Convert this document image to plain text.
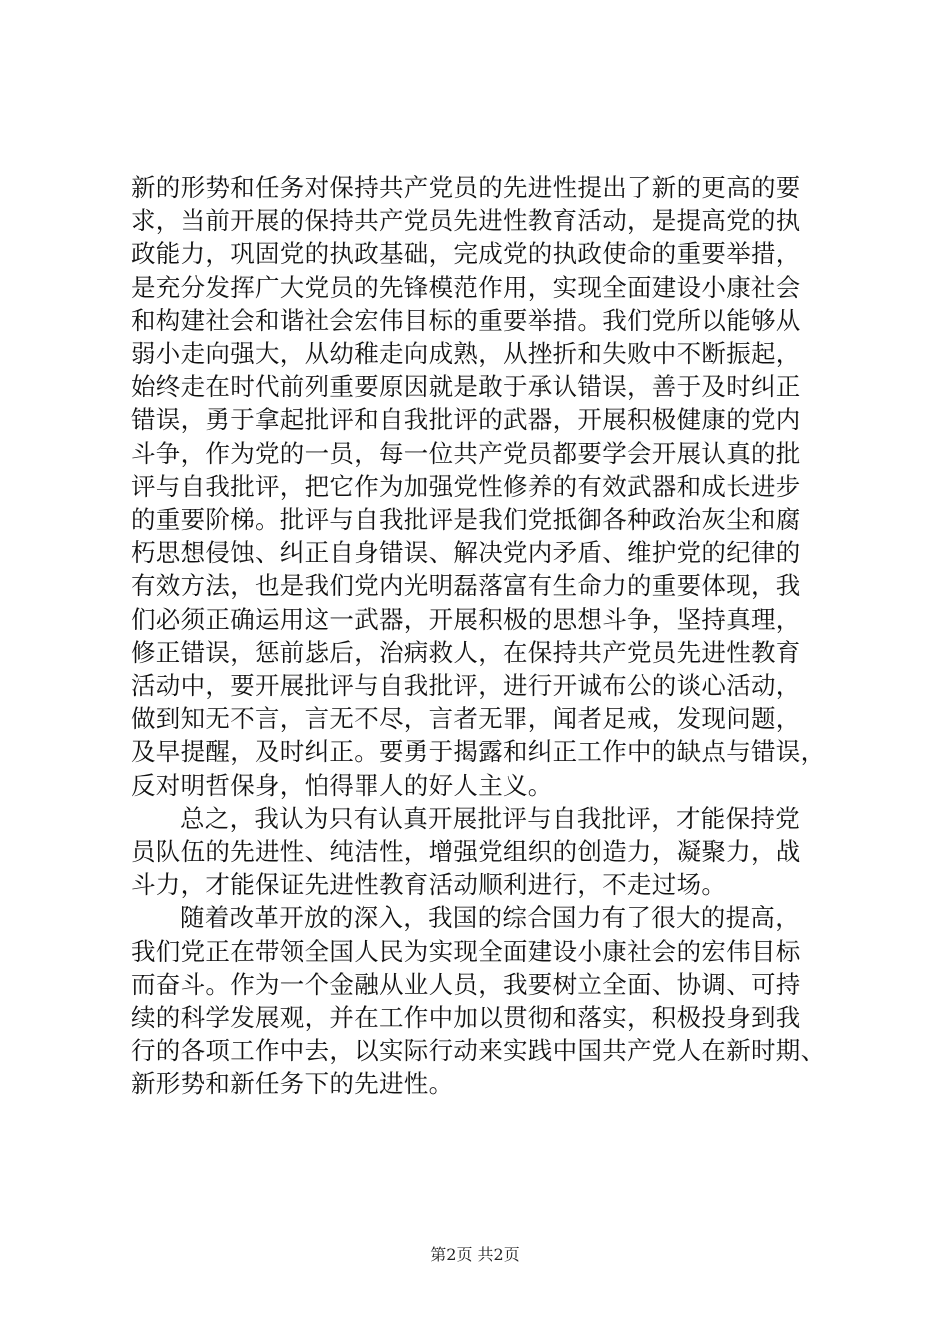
新的形势和任务对保持共产党员的先进性提出了新的更高的要
求，当前开展的保持共产党员先进性教育活动，是提高党的执
政能力，巩固党的执政基础，完成党的执政使命的重要举措，
是充分发挥广大党员的先锋模范作用，实现全面建设小康社会
和构建社会和谐社会宏伟目标的重要举措。我们党所以能够从
弱小走向强大，从幼稚走向成熟，从挫折和失败中不断振起，
始终走在时代前列重要原因就是敢于承认错误，善于及时纠正
错误，勇于拿起批评和自我批评的武器，开展积极健康的党内
斗争，作为党的一员，每一位共产党员都要学会开展认真的批
评与自我批评，把它作为加强党性修养的有效武器和成长进步
的重要阶梯。批评与自我批评是我们党抵御各种政治灰尘和腐
朽思想侵蚀、纠正自身错误、解决党内矛盾、维护党的纪律的
有效方法，也是我们党内光明磊落富有生命力的重要体现，我
们必须正确运用这一武器，开展积极的思想斗争，坚持真理，
修正错误，惩前毖后，治病救人，在保持共产党员先进性教育
活动中，要开展批评与自我批评，进行开诚布公的谈心活动，
做到知无不言，言无不尽，言者无罪，闻者足戒，发现问题，
及早提醒，及时纠正。要勇于揭露和纠正工作中的缺点与错误，
反对明哲保身，怕得罪人的好人主义。

总之，我认为只有认真开展批评与自我批评，才能保持党
员队伍的先进性、纯洁性，增强党组织的创造力，凝聚力，战
斗力，才能保证先进性教育活动顺利进行，不走过场。

随着改革开放的深入，我国的综合国力有了很大的提高，
我们党正在带领全国人民为实现全面建设小康社会的宏伟目标
而奋斗。作为一个金融从业人员，我要树立全面、协调、可持
续的科学发展观，并在工作中加以贯彻和落实，积极投身到我
行的各项工作中去，以实际行动来实践中国共产党人在新时期、
新形势和新任务下的先进性。

第2页 共2页
